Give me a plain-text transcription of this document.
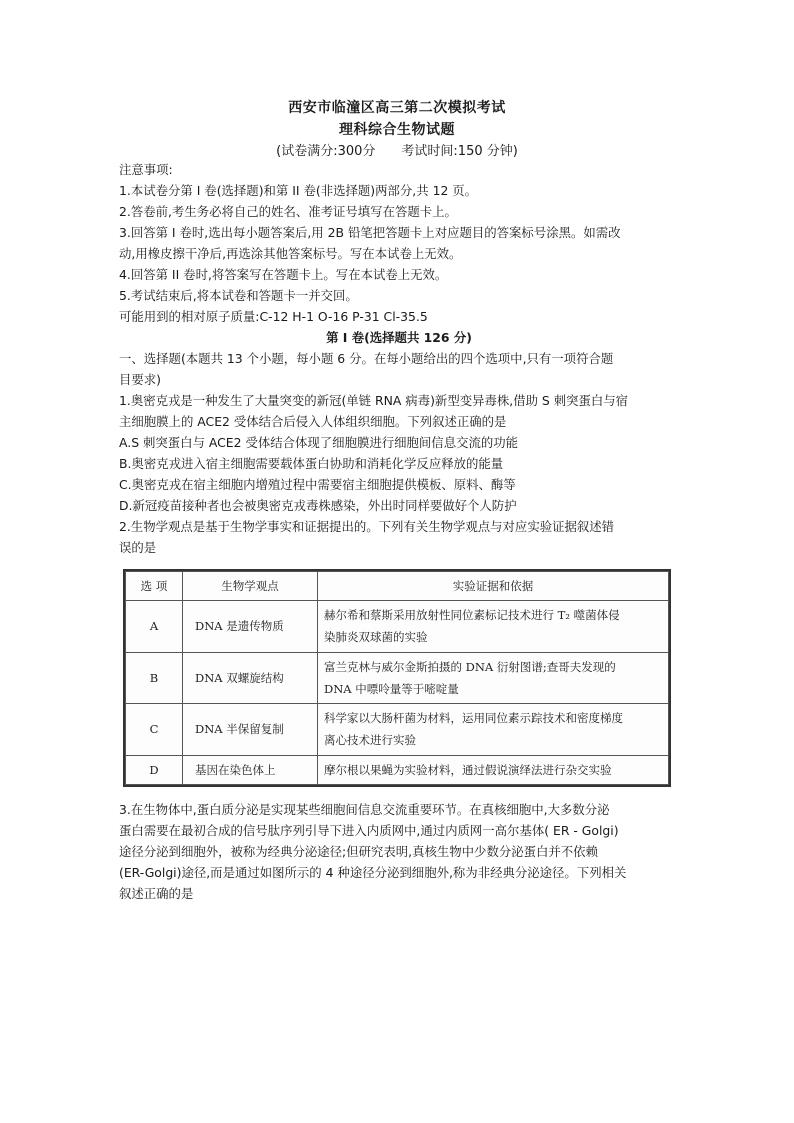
西安市临潼区高三第二次模拟考试
理科综合生物试题
(试卷满分:300分 考试时间:150 分钟)
注意事项:
1.本试卷分第 I 卷(选择题)和第 II 卷(非选择题)两部分,共 12 页。
2.答卷前,考生务必将自己的姓名、准考证号填写在答题卡上。
3.回答第 I 卷时,选出每小题答案后,用 2B 铅笔把答题卡上对应题目的答案标号涂黑。如需改
动,用橡皮擦干净后,再选涂其他答案标号。写在本试卷上无效。
4.回答第 II 卷时,将答案写在答题卡上。写在本试卷上无效。
5.考试结束后,将本试卷和答题卡一并交回。
可能用到的相对原子质量:C-12 H-1 O-16 P-31 Cl-35.5
第 I 卷(选择题共 126 分)
一、选择题(本题共 13 个小题，每小题 6 分。在每小题给出的四个选项中,只有一项符合题
目要求)
1.奥密克戎是一种发生了大量突变的新冠(单链 RNA 病毒)新型变异毒株,借助 S 刺突蛋白与宿
主细胞膜上的 ACE2 受体结合后侵入人体组织细胞。下列叙述正确的是
A.S 刺突蛋白与 ACE2 受体结合体现了细胞膜进行细胞间信息交流的功能
B.奥密克戎进入宿主细胞需要载体蛋白协助和消耗化学反应释放的能量
C.奥密克戎在宿主细胞内增殖过程中需要宿主细胞提供模板、原料、酶等
D.新冠疫苗接种者也会被奥密克戎毒株感染，外出时同样要做好个人防护
2.生物学观点是基于生物学事实和证据提出的。下列有关生物学观点与对应实验证据叙述错
误的是
选 项	生物学观点	实验证据和依据
A	DNA 是遗传物质	赫尔希和蔡斯采用放射性同位素标记技术进行 T₂ 噬菌体侵
染肺炎双球菌的实验

B	DNA 双螺旋结构	富兰克林与威尔金斯拍摄的 DNA 衍射图谱;查哥夫发现的
DNA 中嘌呤量等于嘧啶量

C	DNA 半保留复制	科学家以大肠杆菌为材料，运用同位素示踪技术和密度梯度
离心技术进行实验

D	基因在染色体上	摩尔根以果蝇为实验材料，通过假说演绎法进行杂交实验
3.在生物体中,蛋白质分泌是实现某些细胞间信息交流重要环节。在真核细胞中,大多数分泌
蛋白需要在最初合成的信号肽序列引导下进入内质网中,通过内质网一高尔基体( ER - Golgi)
途径分泌到细胞外，被称为经典分泌途径;但研究表明,真核生物中少数分泌蛋白并不依赖
(ER-Golgi)途径,而是通过如图所示的 4 种途径分泌到细胞外,称为非经典分泌途径。下列相关
叙述正确的是
